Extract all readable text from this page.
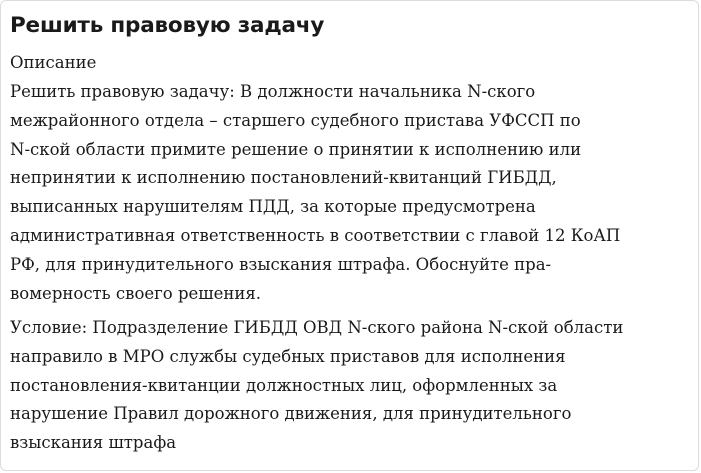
Решить правовую задачу
Описание

Решить правовую задачу: В должности начальника N-ского
межрайонного отдела – старшего судебного пристава УФССП по
N-ской области примите решение о принятии к исполнению или
непринятии к исполнению постановлений-квитанций ГИБДД,
выписанных нарушителям ПДД, за которые предусмотрена
административная ответственность в соответствии с главой 12 КоАП
РФ, для принудительного взыскания штрафа. Обоснуйте пра-
вомерность своего решения.

Условие: Подразделение ГИБДД ОВД N-ского района N-ской области
направило в МРО службы судебных приставов для исполнения
постановления-квитанции должностных лиц, оформленных за
нарушение Правил дорожного движения, для принудительного
взыскания штрафа
